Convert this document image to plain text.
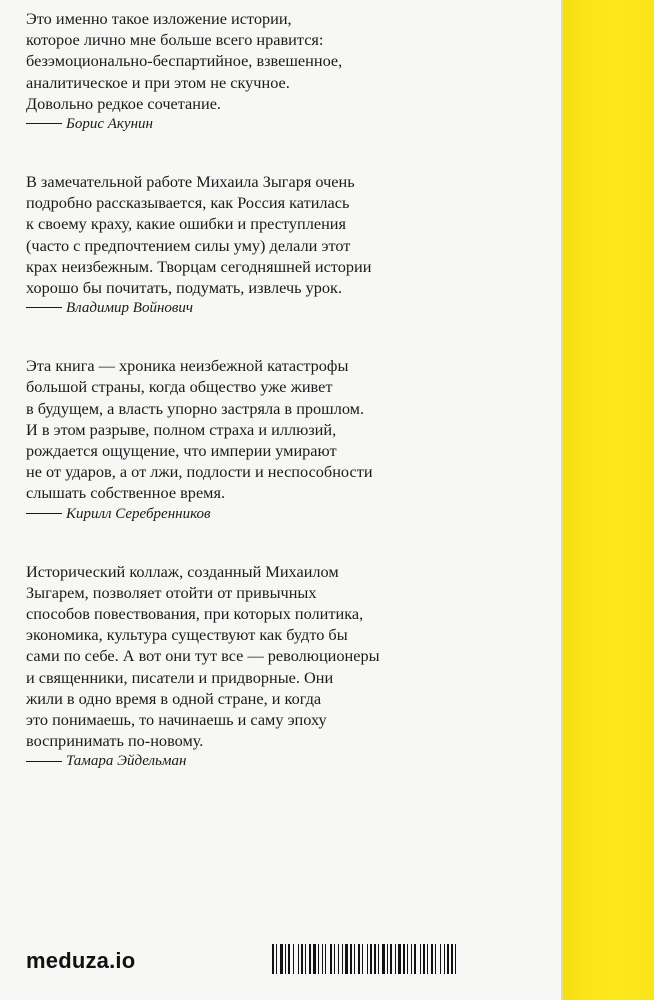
Это именно такое изложение истории,
которое лично мне больше всего нравится:
безэмоционально-беспартийное, взвешенное,
аналитическое и при этом не скучное.
Довольно редкое сочетание.

Борис Акунин

В замечательной работе Михаила Зыгаря очень
подробно рассказывается, как Россия катилась
к своему краху, какие ошибки и преступления
(часто с предпочтением силы уму) делали этот
крах неизбежным. Творцам сегодняшней истории
хорошо бы почитать, подумать, извлечь урок.

Владимир Войнович

Эта книга — хроника неизбежной катастрофы
большой страны, когда общество уже живет
в будущем, а власть упорно застряла в прошлом.
И в этом разрыве, полном страха и иллюзий,
рождается ощущение, что империи умирают
не от ударов, а от лжи, подлости и неспособности
слышать собственное время.

Кирилл Серебренников

Исторический коллаж, созданный Михаилом
Зыгарем, позволяет отойти от привычных
способов повествования, при которых политика,
экономика, культура существуют как будто бы
сами по себе. А вот они тут все — революционеры
и священники, писатели и придворные. Они
жили в одно время в одной стране, и когда
это понимаешь, то начинаешь и саму эпоху
воспринимать по-новому.

Тамара Эйдельман
meduza.io
